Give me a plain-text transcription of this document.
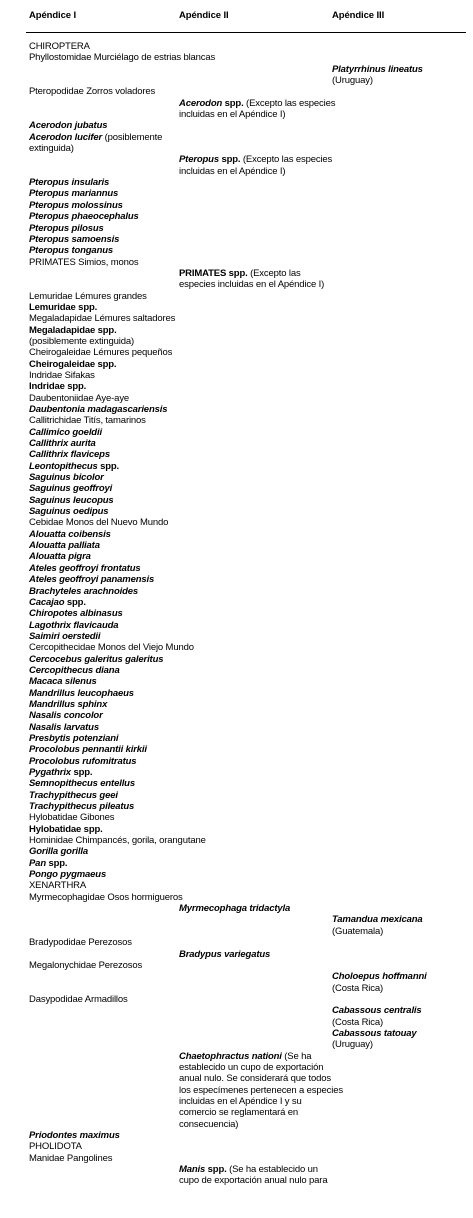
Apéndice I	Apéndice II	Apéndice III
CHIROPTERA
Phyllostomidae Murciélago de estrias blancas
Platyrrhinus lineatus
(Uruguay)
Pteropodidae Zorros voladores
Acerodon spp. (Excepto las especies
incluidas en el Apéndice I)
Acerodon jubatus
Acerodon lucifer (posiblemente
extinguida)
Pteropus spp. (Excepto las especies
incluidas en el Apéndice I)
Pteropus insularis
Pteropus mariannus
Pteropus molossinus
Pteropus phaeocephalus
Pteropus pilosus
Pteropus samoensis
Pteropus tonganus
PRIMATES Simios, monos
PRIMATES spp. (Excepto las
especies incluidas en el Apéndice I)
Lemuridae Lémures grandes
Lemuridae spp.
Megaladapidae Lémures saltadores
Megaladapidae spp.
(posiblemente extinguida)
Cheirogaleidae Lémures pequeños
Cheirogaleidae spp.
Indridae Sifakas
Indridae spp.
Daubentoniidae Aye-aye
Daubentonia madagascariensis
Callitrichidae Titís, tamarinos
Callimico goeldii
Callithrix aurita
Callithrix flaviceps
Leontopithecus spp.
Saguinus bicolor
Saguinus geoffroyi
Saguinus leucopus
Saguinus oedipus
Cebidae Monos del Nuevo Mundo
Alouatta coibensis
Alouatta palliata
Alouatta pigra
Ateles geoffroyi frontatus
Ateles geoffroyi panamensis
Brachyteles arachnoides
Cacajao spp.
Chiropotes albinasus
Lagothrix flavicauda
Saimiri oerstedii
Cercopithecidae Monos del Viejo Mundo
Cercocebus galeritus galeritus
Cercopithecus diana
Macaca silenus
Mandrillus leucophaeus
Mandrillus sphinx
Nasalis concolor
Nasalis larvatus
Presbytis potenziani
Procolobus pennantii kirkii
Procolobus rufomitratus
Pygathrix spp.
Semnopithecus entellus
Trachypithecus geei
Trachypithecus pileatus
Hylobatidae Gibones
Hylobatidae spp.
Hominidae Chimpancés, gorila, orangutane
Gorilla gorilla
Pan spp.
Pongo pygmaeus
XENARTHRA
Myrmecophagidae Osos hormigueros
Myrmecophaga tridactyla
Tamandua mexicana
(Guatemala)
Bradypodidae Perezosos
Bradypus variegatus
Megalonychidae Perezosos
Choloepus hoffmanni
(Costa Rica)
Dasypodidae Armadillos
Cabassous centralis
(Costa Rica)
Cabassous tatouay
(Uruguay)
Chaetophractus nationi (Se ha
establecido un cupo de exportación
anual nulo. Se considerará que todos
los especímenes pertenecen a especies
incluidas en el Apéndice I y su
comercio se reglamentará en
consecuencia)
Priodontes maximus
PHOLIDOTA
Manidae Pangolines
Manis spp. (Se ha establecido un
cupo de exportación anual nulo para
